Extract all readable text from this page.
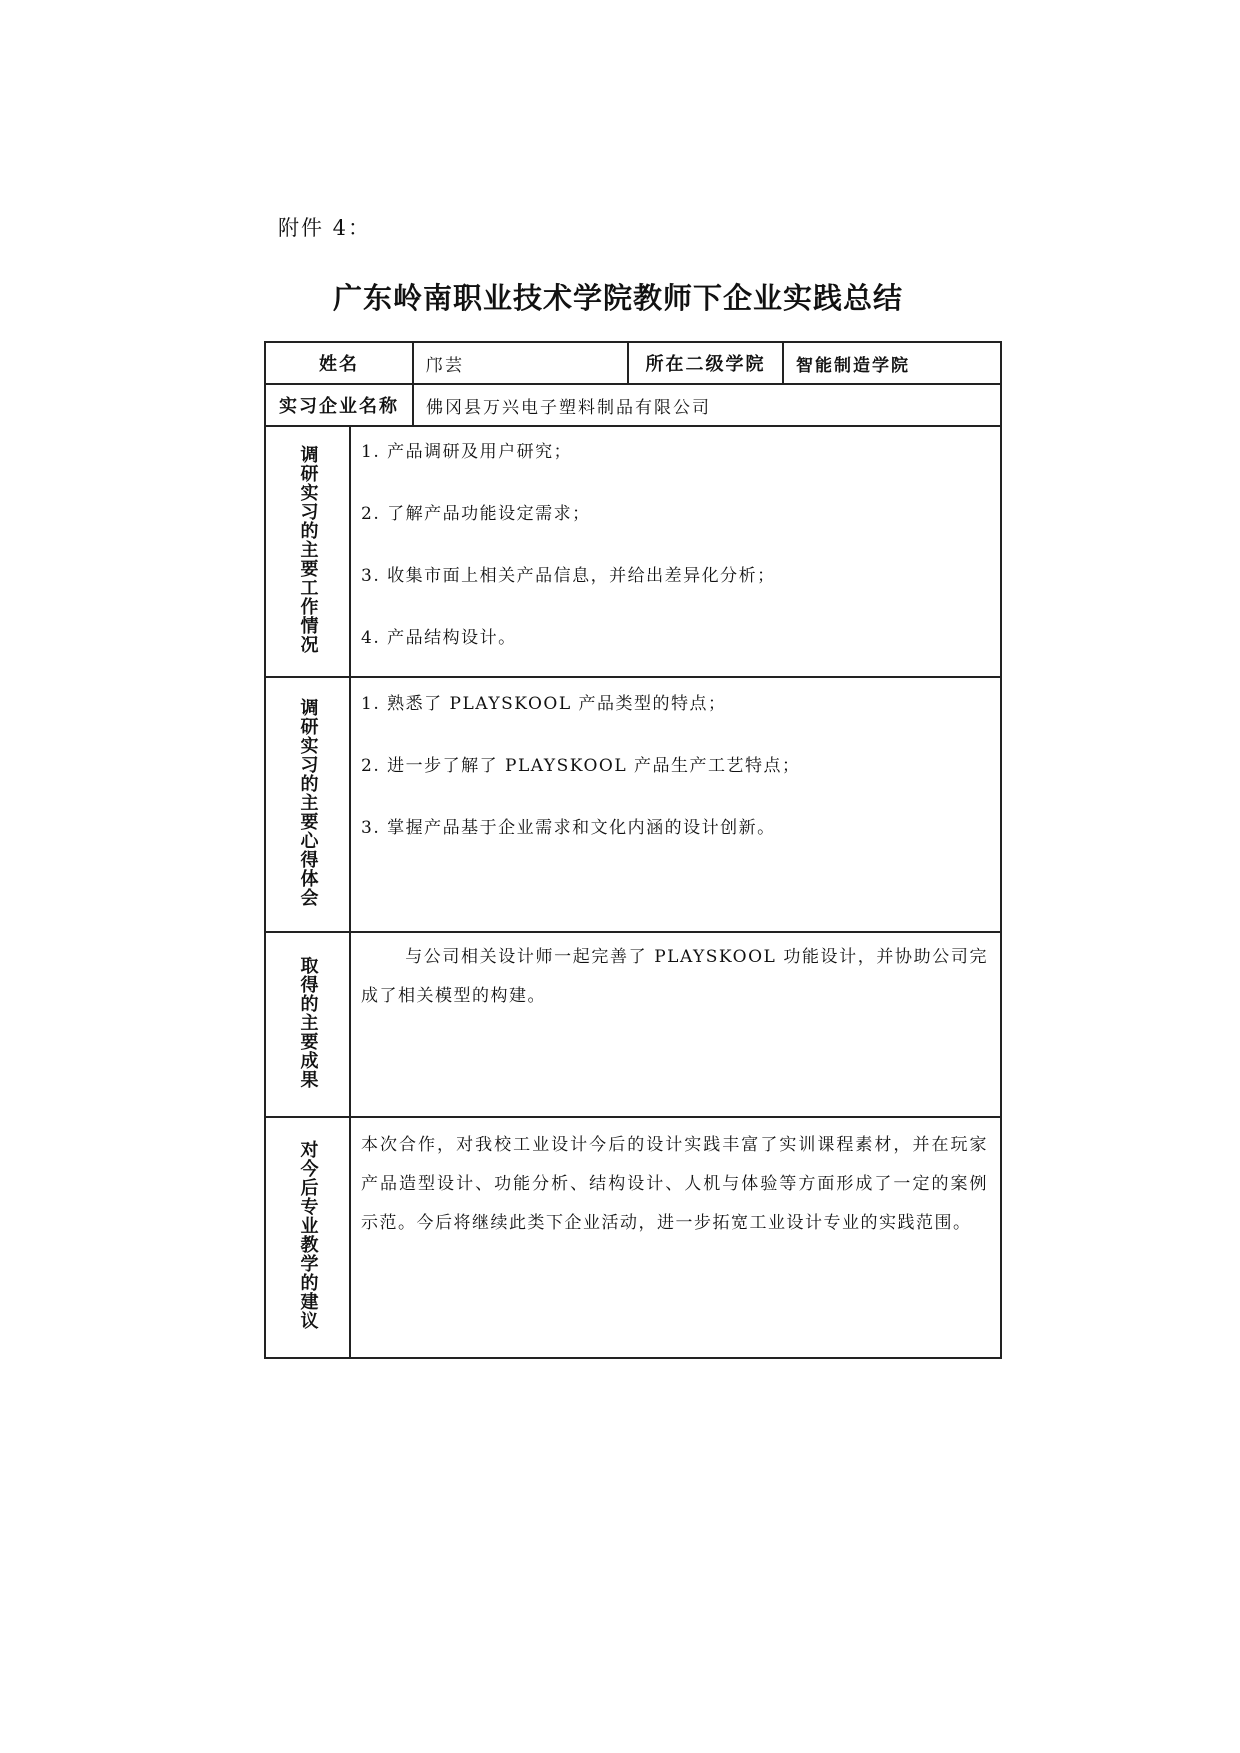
附件 4：
广东岭南职业技术学院教师下企业实践总结
姓名		邝芸	所在二级学院	智能制造学院
实习企业名称		佛冈县万兴电子塑料制品有限公司		
调研实习的主要工作情况	1. 产品调研及用户研究；

2. 了解产品功能设定需求；

3. 收集市面上相关产品信息，并给出差异化分析；

4. 产品结构设计。			

调研实习的主要心得体会	1. 熟悉了 PLAYSKOOL 产品类型的特点；

2. 进一步了解了 PLAYSKOOL 产品生产工艺特点；

3. 掌握产品基于企业需求和文化内涵的设计创新。			

取得的主要成果	与公司相关设计师一起完善了 PLAYSKOOL 功能设计，并协助公司完成了相关模型的构建。			

对今后专业教学的建议	本次合作，对我校工业设计今后的设计实践丰富了实训课程素材，并在玩家产品造型设计、功能分析、结构设计、人机与体验等方面形成了一定的案例示范。今后将继续此类下企业活动，进一步拓宽工业设计专业的实践范围。			
